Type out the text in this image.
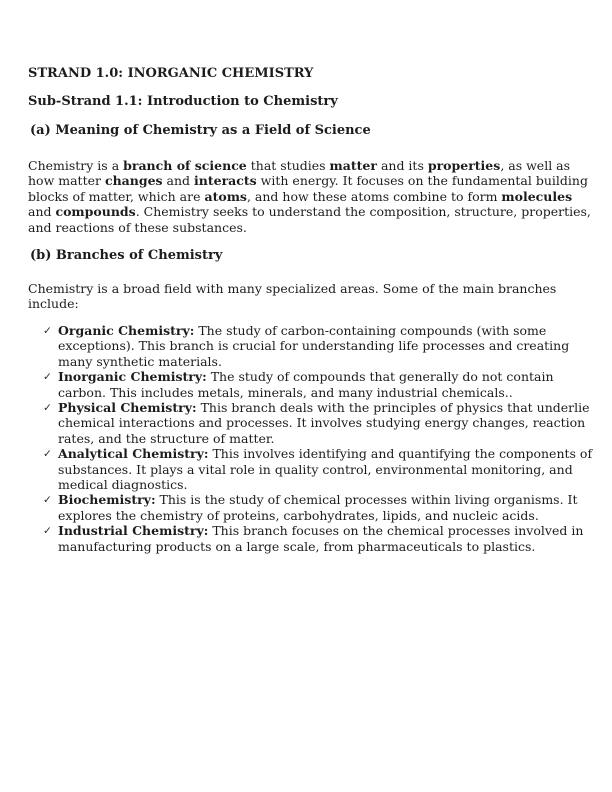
STRAND 1.0: INORGANIC CHEMISTRY
Sub-Strand 1.1: Introduction to Chemistry
(a) Meaning of Chemistry as a Field of Science

Chemistry is a branch of science that studies matter and its properties, as well as how matter changes and interacts with energy. It focuses on the fundamental building blocks of matter, which are atoms, and how these atoms combine to form molecules and compounds. Chemistry seeks to understand the composition, structure, properties, and reactions of these substances.

(b) Branches of Chemistry

Chemistry is a broad field with many specialized areas. Some of the main branches include:

✓ Organic Chemistry: The study of carbon-containing compounds (with some exceptions). This branch is crucial for understanding life processes and creating many synthetic materials.
✓ Inorganic Chemistry: The study of compounds that generally do not contain carbon. This includes metals, minerals, and many industrial chemicals..
✓ Physical Chemistry: This branch deals with the principles of physics that underlie chemical interactions and processes. It involves studying energy changes, reaction rates, and the structure of matter.
✓ Analytical Chemistry: This involves identifying and quantifying the components of substances. It plays a vital role in quality control, environmental monitoring, and medical diagnostics.
✓ Biochemistry: This is the study of chemical processes within living organisms. It explores the chemistry of proteins, carbohydrates, lipids, and nucleic acids.
✓ Industrial Chemistry: This branch focuses on the chemical processes involved in manufacturing products on a large scale, from pharmaceuticals to plastics.
